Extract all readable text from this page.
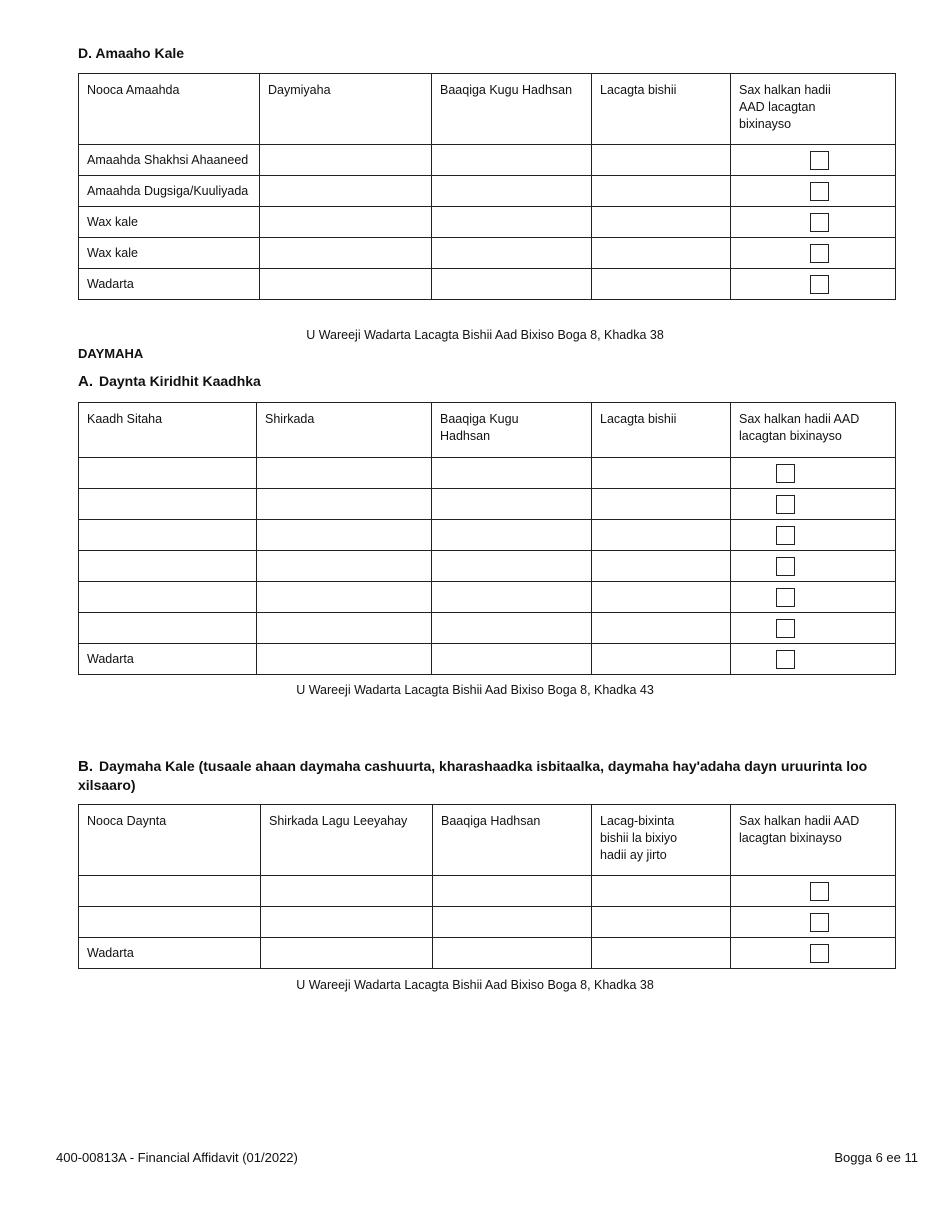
D. Amaaho Kale
Nooca Amaahda	Daymiyaha	Baaqiga Kugu Hadhsan	Lacagta bishii	Sax halkan hadii AAD lacagtan bixinayso
Amaahda Shakhsi Ahaaneed				
Amaahda Dugsiga/Kuuliyada				
Wax kale				
Wax kale				
Wadarta				
U Wareeji Wadarta Lacagta Bishii Aad Bixiso Boga 8, Khadka 38
DAYMAHA
A. Daynta Kiridhit Kaadhka
Kaadh Sitaha	Shirkada	Baaqiga Kugu Hadhsan	Lacagta bishii	Sax halkan hadii AAD lacagtan bixinayso

Wadarta				
U Wareeji Wadarta Lacagta Bishii Aad Bixiso Boga 8, Khadka 43
B. Daymaha Kale (tusaale ahaan daymaha cashuurta, kharashaadka isbitaalka, daymaha hay'adaha dayn uruurinta loo xilsaaro)
Nooca Daynta	Shirkada Lagu Leeyahay	Baaqiga Hadhsan	Lacag-bixinta bishii la bixiyo hadii ay jirto	Sax halkan hadii AAD lacagtan bixinayso

Wadarta				
U Wareeji Wadarta Lacagta Bishii Aad Bixiso Boga 8, Khadka 38
400-00813A - Financial Affidavit (01/2022)	Bogga 6 ee 11
